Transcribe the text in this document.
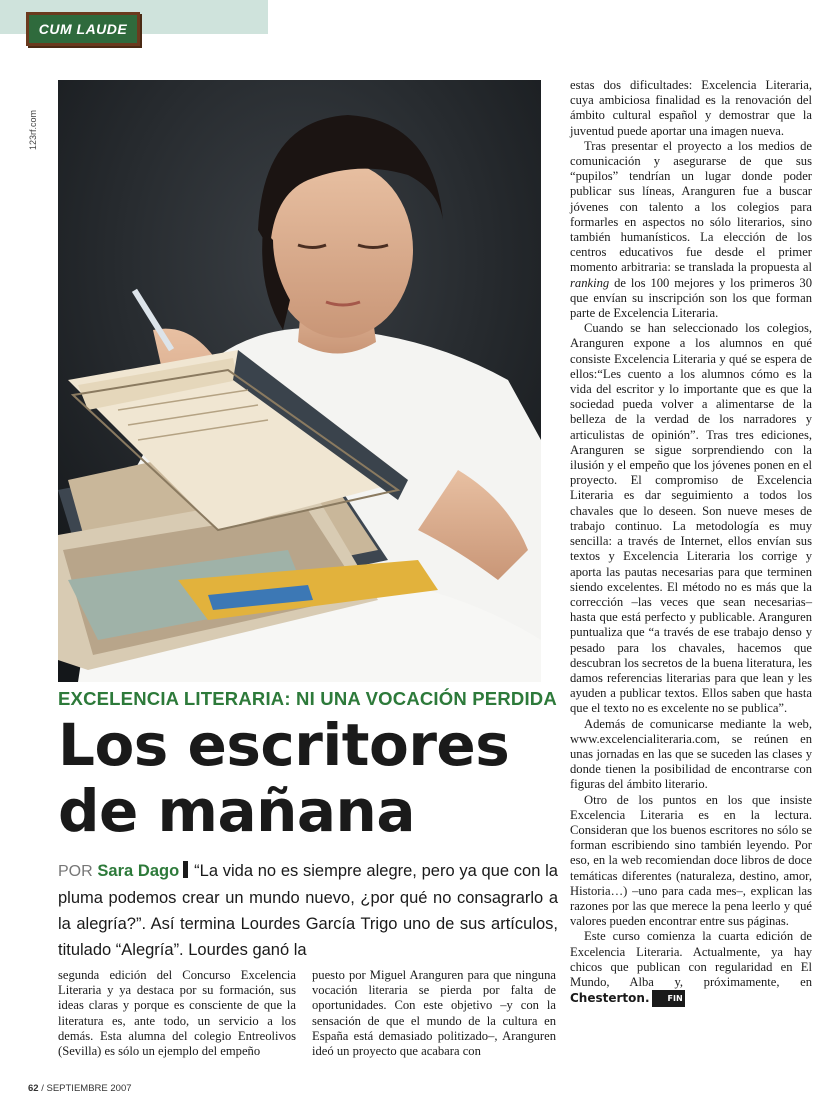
CUM LAUDE
123rf.com
EXCELENCIA LITERARIA: NI UNA VOCACIÓN PERDIDA
Los escritores
de mañana
POR Sara Dago “La vida no es siempre alegre, pero ya que con la pluma podemos crear un mundo nuevo, ¿por qué no consagrarlo a la alegría?”. Así termina Lourdes García Trigo uno de sus artículos, titulado “Alegría”. Lourdes ganó la

segunda edición del Concurso Excelencia Literaria y ya destaca por su formación, sus ideas claras y porque es consciente de que la literatura es, ante todo, un servicio a los demás. Esta alumna del colegio Entreolivos (Sevilla) es sólo un ejemplo del empeño

puesto por Miguel Aranguren para que ninguna vocación literaria se pierda por falta de oportunidades. Con este objetivo –y con la sensación de que el mundo de la cultura en España está demasiado politizado–, Aranguren ideó un proyecto que acabara con

estas dos dificultades: Excelencia Literaria, cuya ambiciosa finalidad es la renovación del ámbito cultural español y demostrar que la juventud puede aportar una imagen nueva.

Tras presentar el proyecto a los medios de comunicación y asegurarse de que sus “pupilos” tendrían un lugar donde poder publicar sus líneas, Aranguren fue a buscar jóvenes con talento a los colegios para formarles en aspectos no sólo literarios, sino también humanísticos. La elección de los centros educativos fue desde el primer momento arbitraria: se translada la propuesta al ranking de los 100 mejores y los primeros 30 que envían su inscripción son los que forman parte de Excelencia Literaria.

Cuando se han seleccionado los colegios, Aranguren expone a los alumnos en qué consiste Excelencia Literaria y qué se espera de ellos:“Les cuento a los alumnos cómo es la vida del escritor y lo importante que es que la sociedad pueda volver a alimentarse de la belleza de la verdad de los narradores y articulistas de opinión”. Tras tres ediciones, Aranguren se sigue sorprendiendo con la ilusión y el empeño que los jóvenes ponen en el proyecto. El compromiso de Excelencia Literaria es dar seguimiento a todos los chavales que lo deseen. Son nueve meses de trabajo continuo. La metodología es muy sencilla: a través de Internet, ellos envían sus textos y Excelencia Literaria los corrige y aporta las pautas necesarias para que terminen siendo excelentes. El método no es más que la corrección –las veces que sean necesarias– hasta que está perfecto y publicable. Aranguren puntualiza que “a través de ese trabajo denso y pesado para los chavales, hacemos que descubran los secretos de la buena literatura, les damos referencias literarias para que lean y les ayuden a publicar textos. Ellos saben que hasta que el texto no es excelente no se publica”.

Además de comunicarse mediante la web, www.excelencialiteraria.com, se reúnen en unas jornadas en las que se suceden las clases y donde tienen la posibilidad de encontrarse con figuras del ámbito literario.

Otro de los puntos en los que insiste Excelencia Literaria es en la lectura. Consideran que los buenos escritores no sólo se forman escribiendo sino también leyendo. Por eso, en la web recomiendan doce libros de doce temáticas diferentes (naturaleza, destino, amor, Historia…) –uno para cada mes–, explican las razones por las que merece la pena leerlo y qué valores pueden encontrar entre sus páginas.

Este curso comienza la cuarta edición de Excelencia Literaria. Actualmente, ya hay chicos que publican con regularidad en El Mundo, Alba y, próximamente, en Chesterton. FIN

62 / SEPTIEMBRE 2007
